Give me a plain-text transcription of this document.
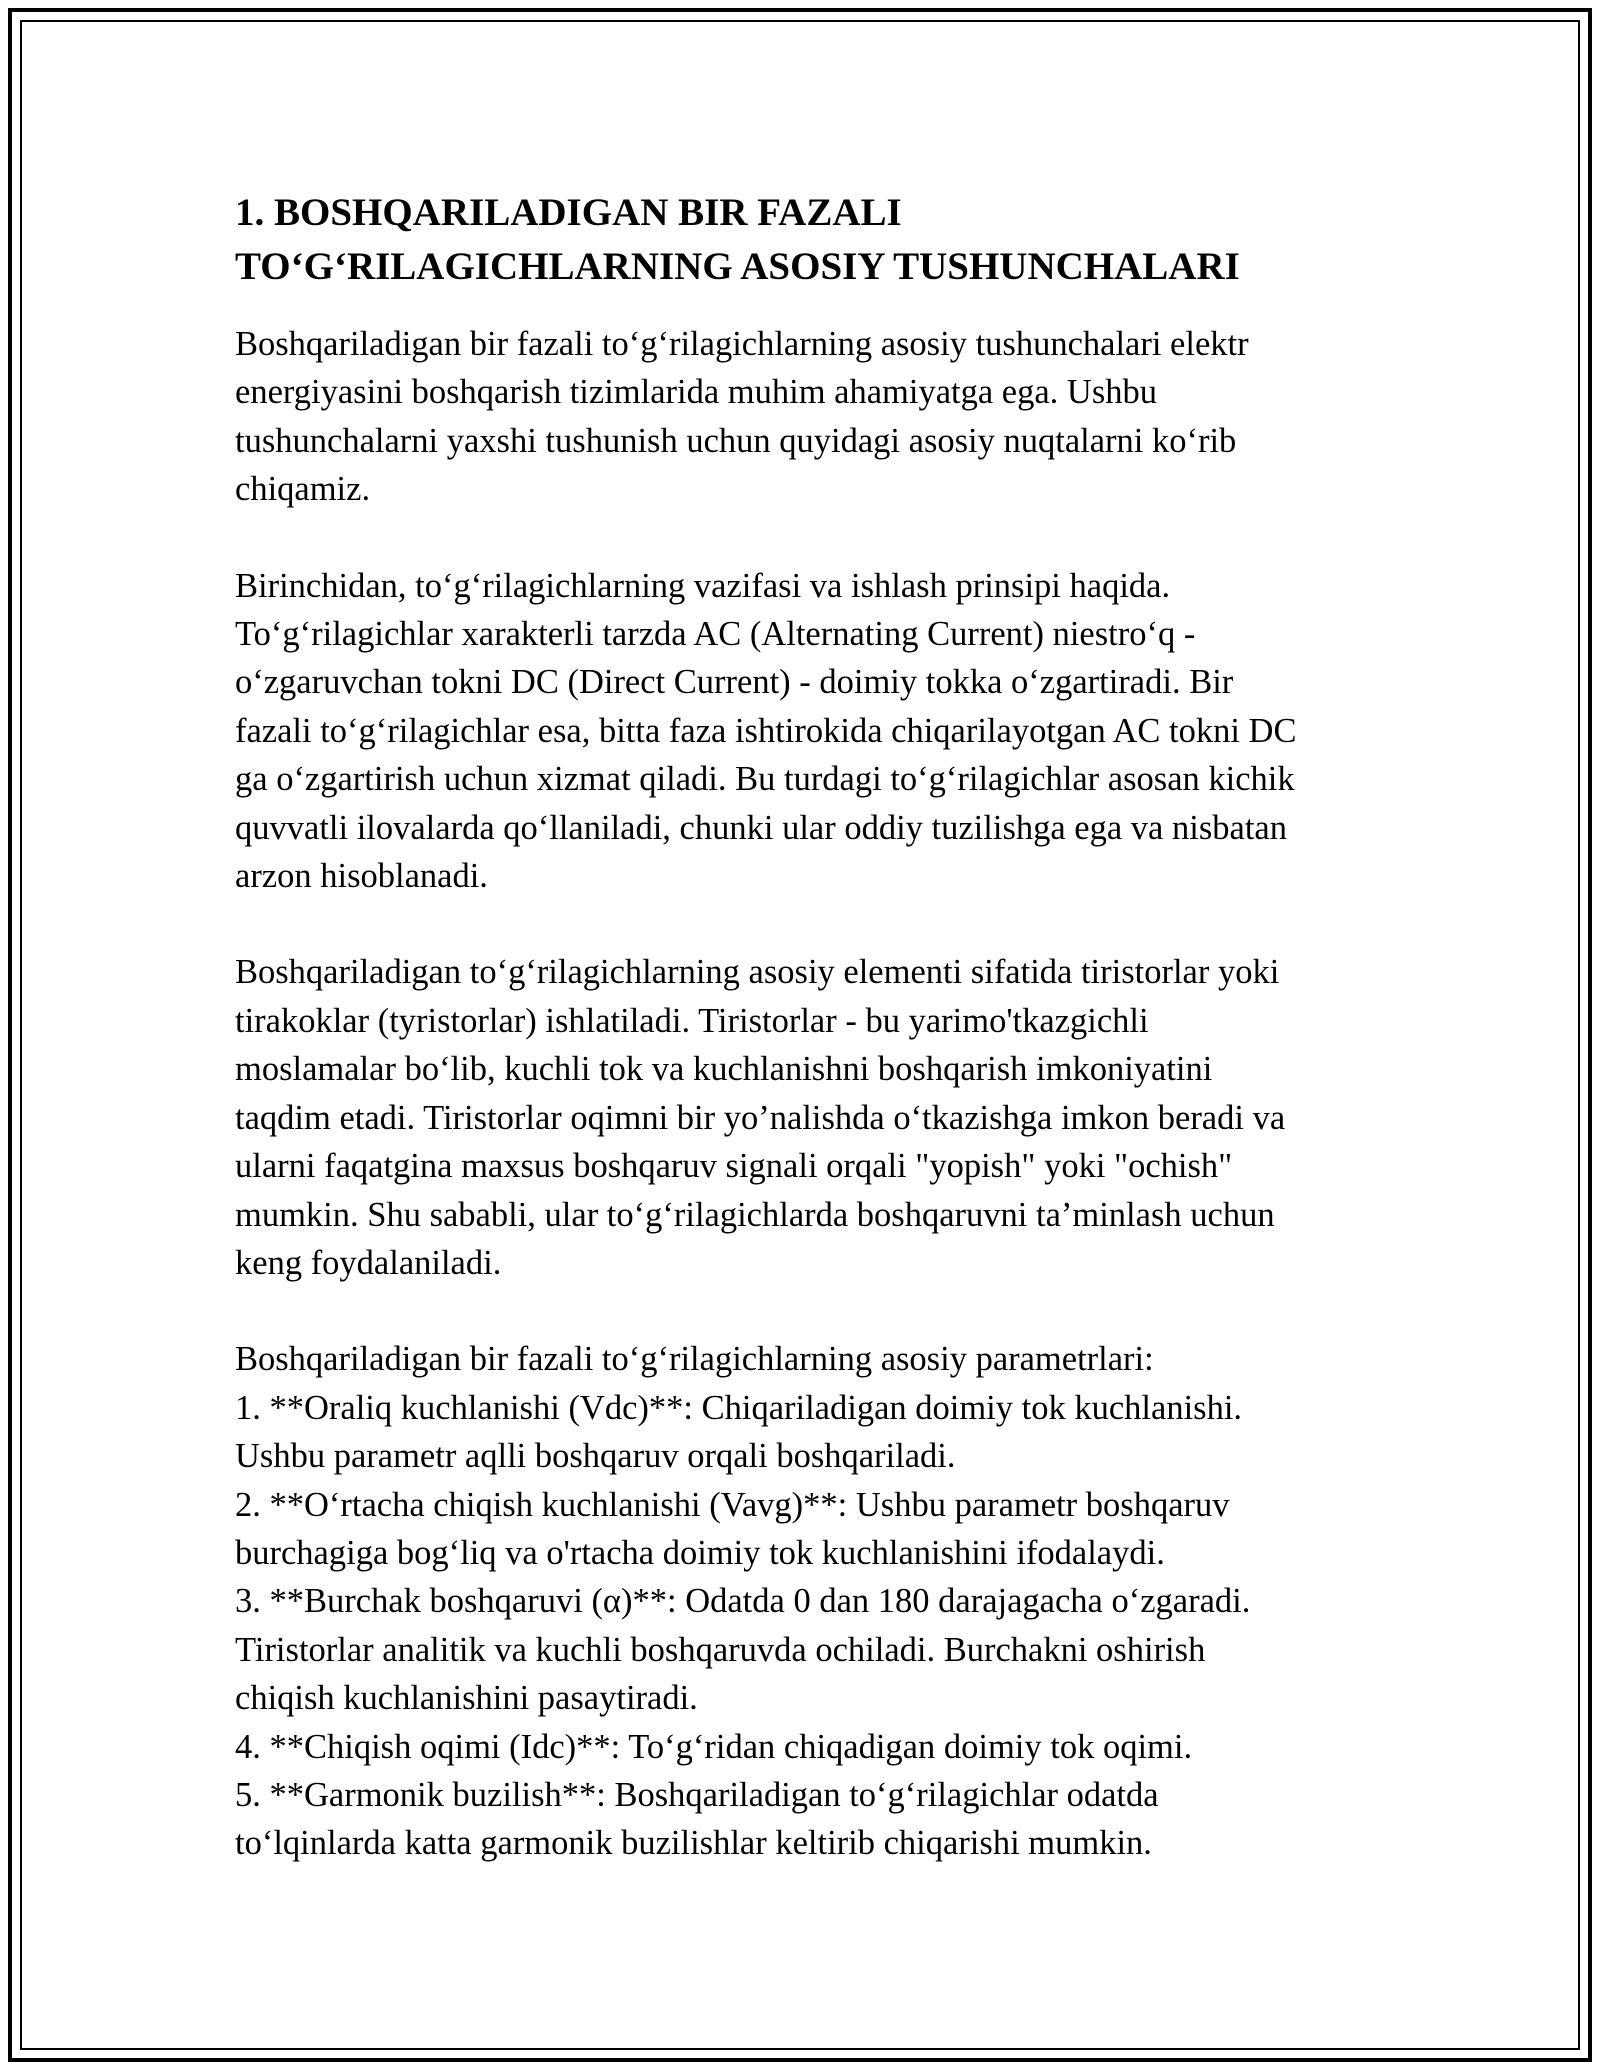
1. BOSHQARILADIGAN BIR FAZALI
TO‘G‘RILAGICHLARNING ASOSIY TUSHUNCHALARI

Boshqariladigan bir fazali to‘g‘rilagichlarning asosiy tushunchalari elektr
energiyasini boshqarish tizimlarida muhim ahamiyatga ega. Ushbu
tushunchalarni yaxshi tushunish uchun quyidagi asosiy nuqtalarni ko‘rib
chiqamiz.

Birinchidan, to‘g‘rilagichlarning vazifasi va ishlash prinsipi haqida.
To‘g‘rilagichlar xarakterli tarzda AC (Alternating Current) niestro‘q -
o‘zgaruvchan tokni DC (Direct Current) - doimiy tokka o‘zgartiradi. Bir
fazali to‘g‘rilagichlar esa, bitta faza ishtirokida chiqarilayotgan AC tokni DC
ga o‘zgartirish uchun xizmat qiladi. Bu turdagi to‘g‘rilagichlar asosan kichik
quvvatli ilovalarda qo‘llaniladi, chunki ular oddiy tuzilishga ega va nisbatan
arzon hisoblanadi.

Boshqariladigan to‘g‘rilagichlarning asosiy elementi sifatida tiristorlar yoki
tirakoklar (tyristorlar) ishlatiladi. Tiristorlar - bu yarimo'tkazgichli
moslamalar bo‘lib, kuchli tok va kuchlanishni boshqarish imkoniyatini
taqdim etadi. Tiristorlar oqimni bir yo’nalishda o‘tkazishga imkon beradi va
ularni faqatgina maxsus boshqaruv signali orqali "yopish" yoki "ochish"
mumkin. Shu sababli, ular to‘g‘rilagichlarda boshqaruvni ta’minlash uchun
keng foydalaniladi.

Boshqariladigan bir fazali to‘g‘rilagichlarning asosiy parametrlari:
1. **Oraliq kuchlanishi (Vdc)**: Chiqariladigan doimiy tok kuchlanishi.
Ushbu parametr aqlli boshqaruv orqali boshqariladi.
2. **O‘rtacha chiqish kuchlanishi (Vavg)**: Ushbu parametr boshqaruv
burchagiga bog‘liq va o'rtacha doimiy tok kuchlanishini ifodalaydi.
3. **Burchak boshqaruvi (α)**: Odatda 0 dan 180 darajagacha o‘zgaradi.
Tiristorlar analitik va kuchli boshqaruvda ochiladi. Burchakni oshirish
chiqish kuchlanishini pasaytiradi.
4. **Chiqish oqimi (Idc)**: To‘g‘ridan chiqadigan doimiy tok oqimi.
5. **Garmonik buzilish**: Boshqariladigan to‘g‘rilagichlar odatda
to‘lqinlarda katta garmonik buzilishlar keltirib chiqarishi mumkin.
